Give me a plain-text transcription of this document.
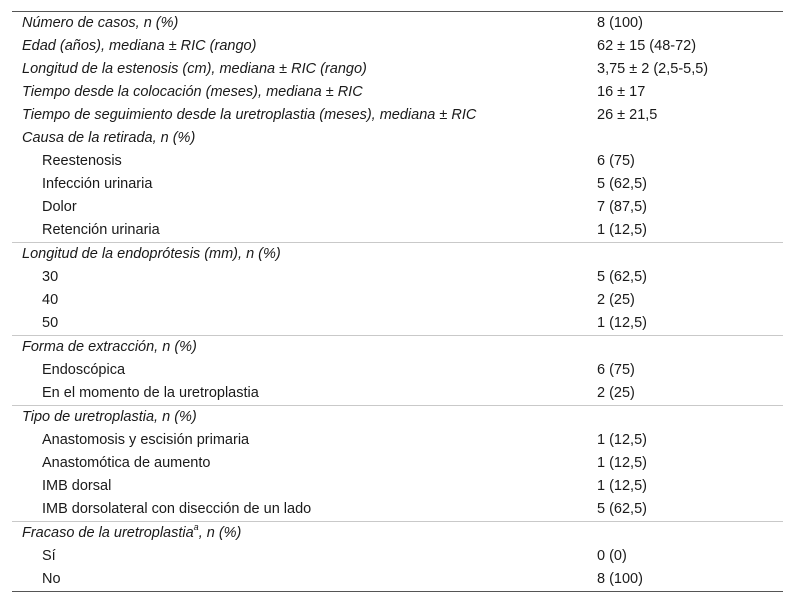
Número de casos, n (%)	8 (100)
Edad (años), mediana ± RIC (rango)	62 ± 15 (48-72)
Longitud de la estenosis (cm), mediana ± RIC (rango)	3,75 ± 2 (2,5-5,5)
Tiempo desde la colocación (meses), mediana ± RIC	16 ± 17
Tiempo de seguimiento desde la uretroplastia (meses), mediana ± RIC	26 ± 21,5
Causa de la retirada, n (%)	
Reestenosis	6 (75)
Infección urinaria	5 (62,5)
Dolor	7 (87,5)
Retención urinaria	1 (12,5)
Longitud de la endoprótesis (mm), n (%)	
30	5 (62,5)
40	2 (25)
50	1 (12,5)
Forma de extracción, n (%)	
Endoscópica	6 (75)
En el momento de la uretroplastia	2 (25)
Tipo de uretroplastia, n (%)	
Anastomosis y escisión primaria	1 (12,5)
Anastomótica de aumento	1 (12,5)
IMB dorsal	1 (12,5)
IMB dorsolateral con disección de un lado	5 (62,5)
Fracaso de la uretroplastia$^a$, n (%)	
Sí	0 (0)
No	8 (100)
